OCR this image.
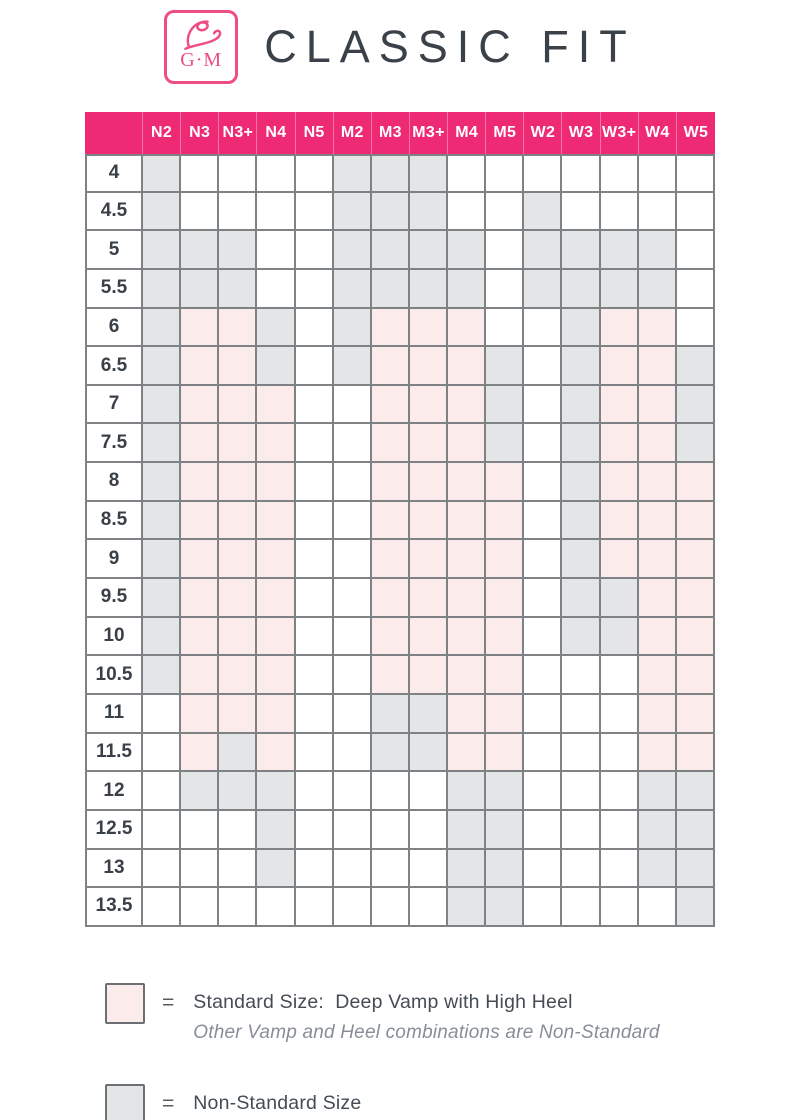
G·M CLASSIC FIT
N2	N3 N3+ N4	N5	M2 M3 M3+ M4 M5 W2 W3 W3+ W4 W5
4
4.5
5
5.5
6
6.5
7
7.5
8
8.5
9
9.5
10
10.5
11
11.5
12
12.5
13
13.5
= Standard Size:  Deep Vamp with High Heel
Other Vamp and Heel combinations are Non-Standard
= Non-Standard Size
